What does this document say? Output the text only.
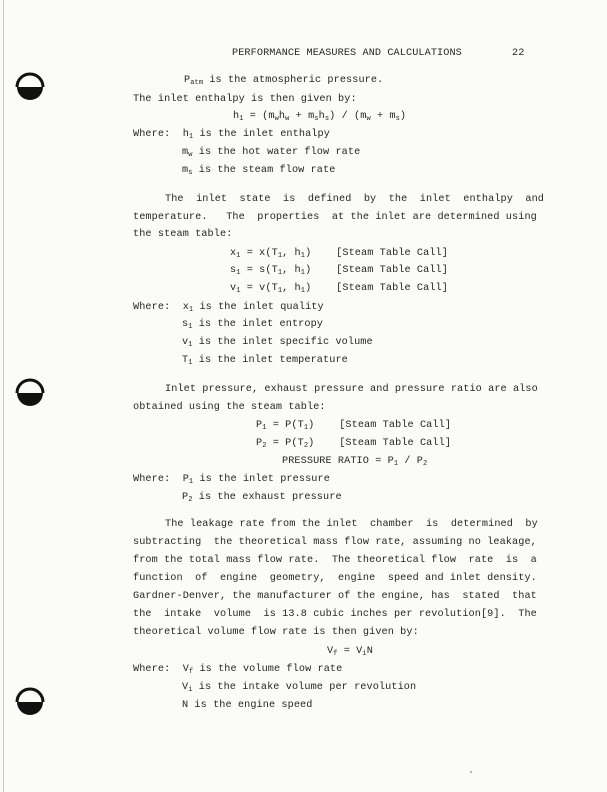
PERFORMANCE MEASURES AND CALCULATIONS	22
$P_{atm}$ is the atmospheric pressure.
The inlet enthalpy is then given by:
$h_1 = (m_wh_w + m_sh_s) / (m_w + m_s)$
Where:  $h_1$ is the inlet enthalpy
$m_w$ is the hot water flow rate
$m_s$ is the steam flow rate
The  inlet  state  is  defined  by  the  inlet  enthalpy  and
temperature.   The  properties  at the inlet are determined using
the steam table:
$x_1 = x(T_1$, $h_1$)    [Steam Table Call]
$s_1 = s(T_1$, $h_1$)    [Steam Table Call]
$v_1 = v(T_1$, $h_1$)    [Steam Table Call]
Where:  $x_1$ is the inlet quality
$s_1$ is the inlet entropy
$v_1$ is the inlet specific volume
$T_1$ is the inlet temperature
Inlet pressure, exhaust pressure and pressure ratio are also
obtained using the steam table:
$P_1 = P(T_1)$    [Steam Table Call]
$P_2 = P(T_2)$    [Steam Table Call]
PRESSURE RATIO = $P_1 / P_2$
Where:  $P_1$ is the inlet pressure
$P_2$ is the exhaust pressure
The leakage rate from the inlet  chamber  is  determined  by
subtracting  the theoretical mass flow rate, assuming no leakage,
from the total mass flow rate.  The theoretical flow  rate  is  a
function  of  engine  geometry,  engine  speed and inlet density.
Gardner-Denver, the manufacturer of the engine, has  stated  that
the  intake  volume  is 13.8 cubic inches per revolution[9].  The
theoretical volume flow rate is then given by:
$V_f = V_iN$
Where:  $V_f$ is the volume flow rate
$V_i$ is the intake volume per revolution
N is the engine speed
